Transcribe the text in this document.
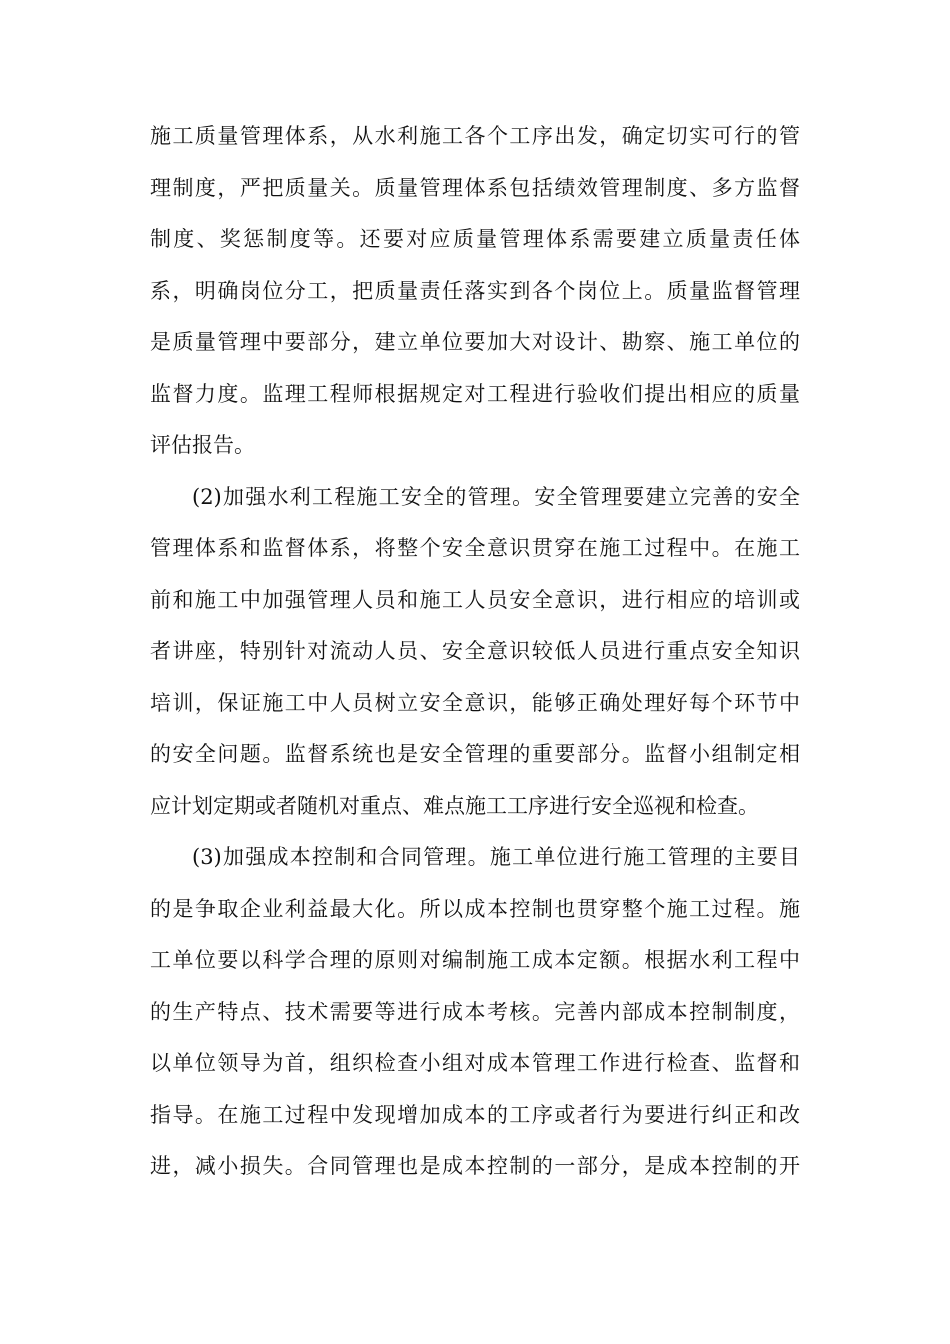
施工质量管理体系，从水利施工各个工序出发，确定切实可行的管
理制度，严把质量关。质量管理体系包括绩效管理制度、多方监督
制度、奖惩制度等。还要对应质量管理体系需要建立质量责任体
系，明确岗位分工，把质量责任落实到各个岗位上。质量监督管理
是质量管理中要部分，建立单位要加大对设计、勘察、施工单位的
监督力度。监理工程师根据规定对工程进行验收们提出相应的质量
评估报告。
(2)加强水利工程施工安全的管理。安全管理要建立完善的安全
管理体系和监督体系，将整个安全意识贯穿在施工过程中。在施工
前和施工中加强管理人员和施工人员安全意识，进行相应的培训或
者讲座，特别针对流动人员、安全意识较低人员进行重点安全知识
培训，保证施工中人员树立安全意识，能够正确处理好每个环节中
的安全问题。监督系统也是安全管理的重要部分。监督小组制定相
应计划定期或者随机对重点、难点施工工序进行安全巡视和检查。
(3)加强成本控制和合同管理。施工单位进行施工管理的主要目
的是争取企业利益最大化。所以成本控制也贯穿整个施工过程。施
工单位要以科学合理的原则对编制施工成本定额。根据水利工程中
的生产特点、技术需要等进行成本考核。完善内部成本控制制度，
以单位领导为首，组织检查小组对成本管理工作进行检查、监督和
指导。在施工过程中发现增加成本的工序或者行为要进行纠正和改
进，减小损失。合同管理也是成本控制的一部分，是成本控制的开
